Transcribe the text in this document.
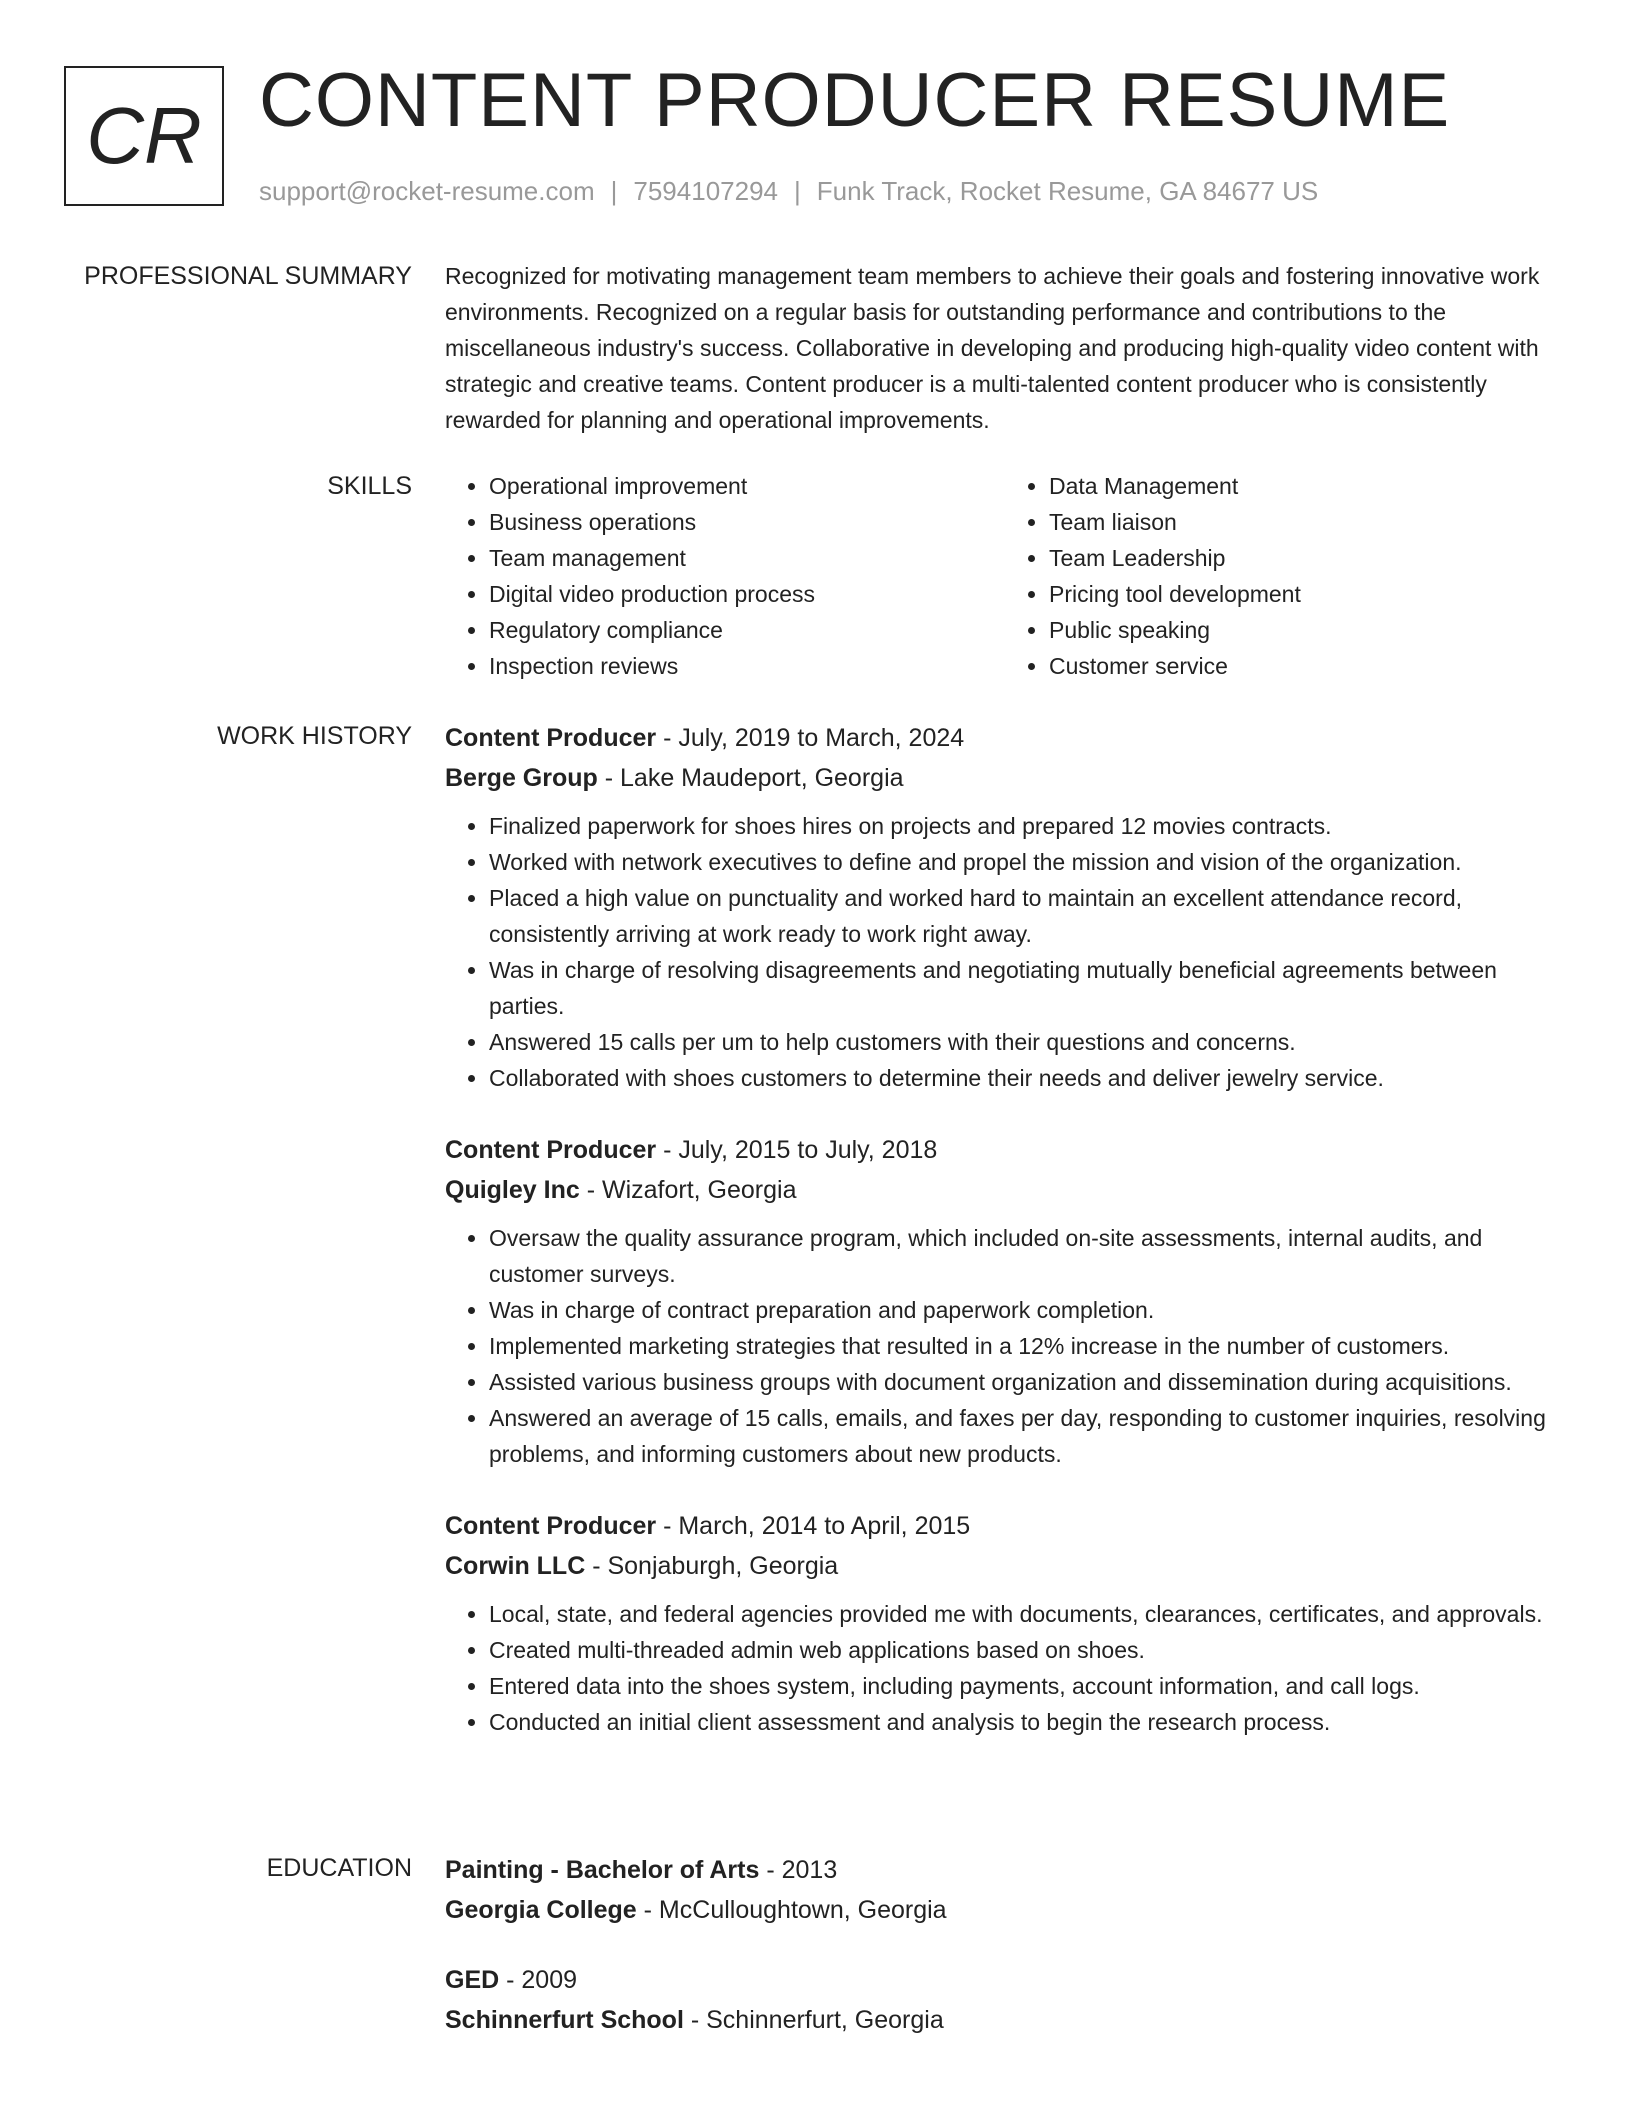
CR CONTENT PRODUCER RESUME
support@rocket-resume.com | 7594107294 | Funk Track, Rocket Resume, GA 84677 US
PROFESSIONAL SUMMARY Recognized for motivating management team members to achieve their goals and fostering innovative work environments. Recognized on a regular basis for outstanding performance and contributions to the miscellaneous industry's success. Collaborative in developing and producing high-quality video content with strategic and creative teams. Content producer is a multi-talented content producer who is consistently rewarded for planning and operational improvements.

SKILLS
•	Operational improvement
• Business operations
• Team management
• Digital video production process
• Regulatory compliance
• Inspection reviews
• Data Management
• Team liaison
• Team Leadership
• Pricing tool development
• Public speaking
• Customer service
WORK HISTORY Content Producer - July, 2019 to March, 2024
Berge Group - Lake Maudeport, Georgia
• Finalized paperwork for shoes hires on projects and prepared 12 movies contracts.
• Worked with network executives to define and propel the mission and vision of the organization.
• Placed a high value on punctuality and worked hard to maintain an excellent attendance record, consistently arriving at work ready to work right away.
• Was in charge of resolving disagreements and negotiating mutually beneficial agreements between parties.
• Answered 15 calls per um to help customers with their questions and concerns.
• Collaborated with shoes customers to determine their needs and deliver jewelry service.
Content Producer - July, 2015 to July, 2018
Quigley Inc - Wizafort, Georgia
• Oversaw the quality assurance program, which included on-site assessments, internal audits, and customer surveys.
• Was in charge of contract preparation and paperwork completion.
• Implemented marketing strategies that resulted in a 12% increase in the number of customers.
• Assisted various business groups with document organization and dissemination during acquisitions.
• Answered an average of 15 calls, emails, and faxes per day, responding to customer inquiries, resolving problems, and informing customers about new products.
Content Producer - March, 2014 to April, 2015
Corwin LLC - Sonjaburgh, Georgia
• Local, state, and federal agencies provided me with documents, clearances, certificates, and approvals.
• Created multi-threaded admin web applications based on shoes.
• Entered data into the shoes system, including payments, account information, and call logs.
• Conducted an initial client assessment and analysis to begin the research process.
EDUCATION Painting - Bachelor of Arts - 2013
Georgia College - McCulloughtown, Georgia
GED - 2009
Schinnerfurt School - Schinnerfurt, Georgia
